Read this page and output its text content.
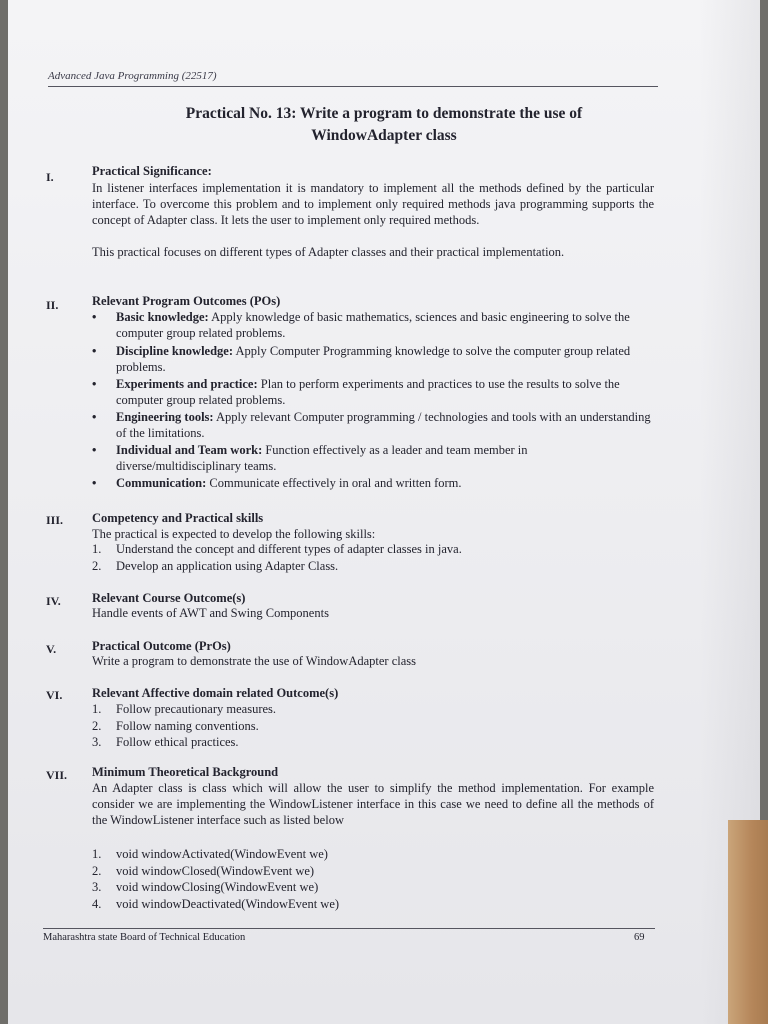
Advanced Java Programming (22517)
Practical No. 13: Write a program to demonstrate the use of
WindowAdapter class
I.	Practical Significance:
In listener interfaces implementation it is mandatory to implement all the methods defined by the particular interface. To overcome this problem and to implement only required methods java programming supports the concept of Adapter class. It lets the user to implement only required methods.
This practical focuses on different types of Adapter classes and their practical implementation.
II.	Relevant Program Outcomes (POs)
• Basic knowledge: Apply knowledge of basic mathematics, sciences and basic engineering to solve the computer group related problems.
• Discipline knowledge: Apply Computer Programming knowledge to solve the computer group related problems.
• Experiments and practice: Plan to perform experiments and practices to use the results to solve the computer group related problems.
• Engineering tools: Apply relevant Computer programming / technologies and tools with an understanding of the limitations.
• Individual and Team work: Function effectively as a leader and team member in diverse/multidisciplinary teams.
• Communication: Communicate effectively in oral and written form.
III. Competency and Practical skills
The practical is expected to develop the following skills:
1.	Understand the concept and different types of adapter classes in java.
2.	Develop an application using Adapter Class.
IV. Relevant Course Outcome(s)
Handle events of AWT and Swing Components
V.	Practical Outcome (PrOs)
Write a program to demonstrate the use of WindowAdapter class
VI. Relevant Affective domain related Outcome(s)
1.	Follow precautionary measures.
2.	Follow naming conventions.
3.	Follow ethical practices.
VII. Minimum Theoretical Background
An Adapter class is class which will allow the user to simplify the method implementation. For example consider we are implementing the WindowListener interface in this case we need to define all the methods of the WindowListener interface such as listed below
1.	void windowActivated(WindowEvent we)
2.	void windowClosed(WindowEvent we)
3.	void windowClosing(WindowEvent we)
4.	void windowDeactivated(WindowEvent we)
Maharashtra state Board of Technical Education	69
